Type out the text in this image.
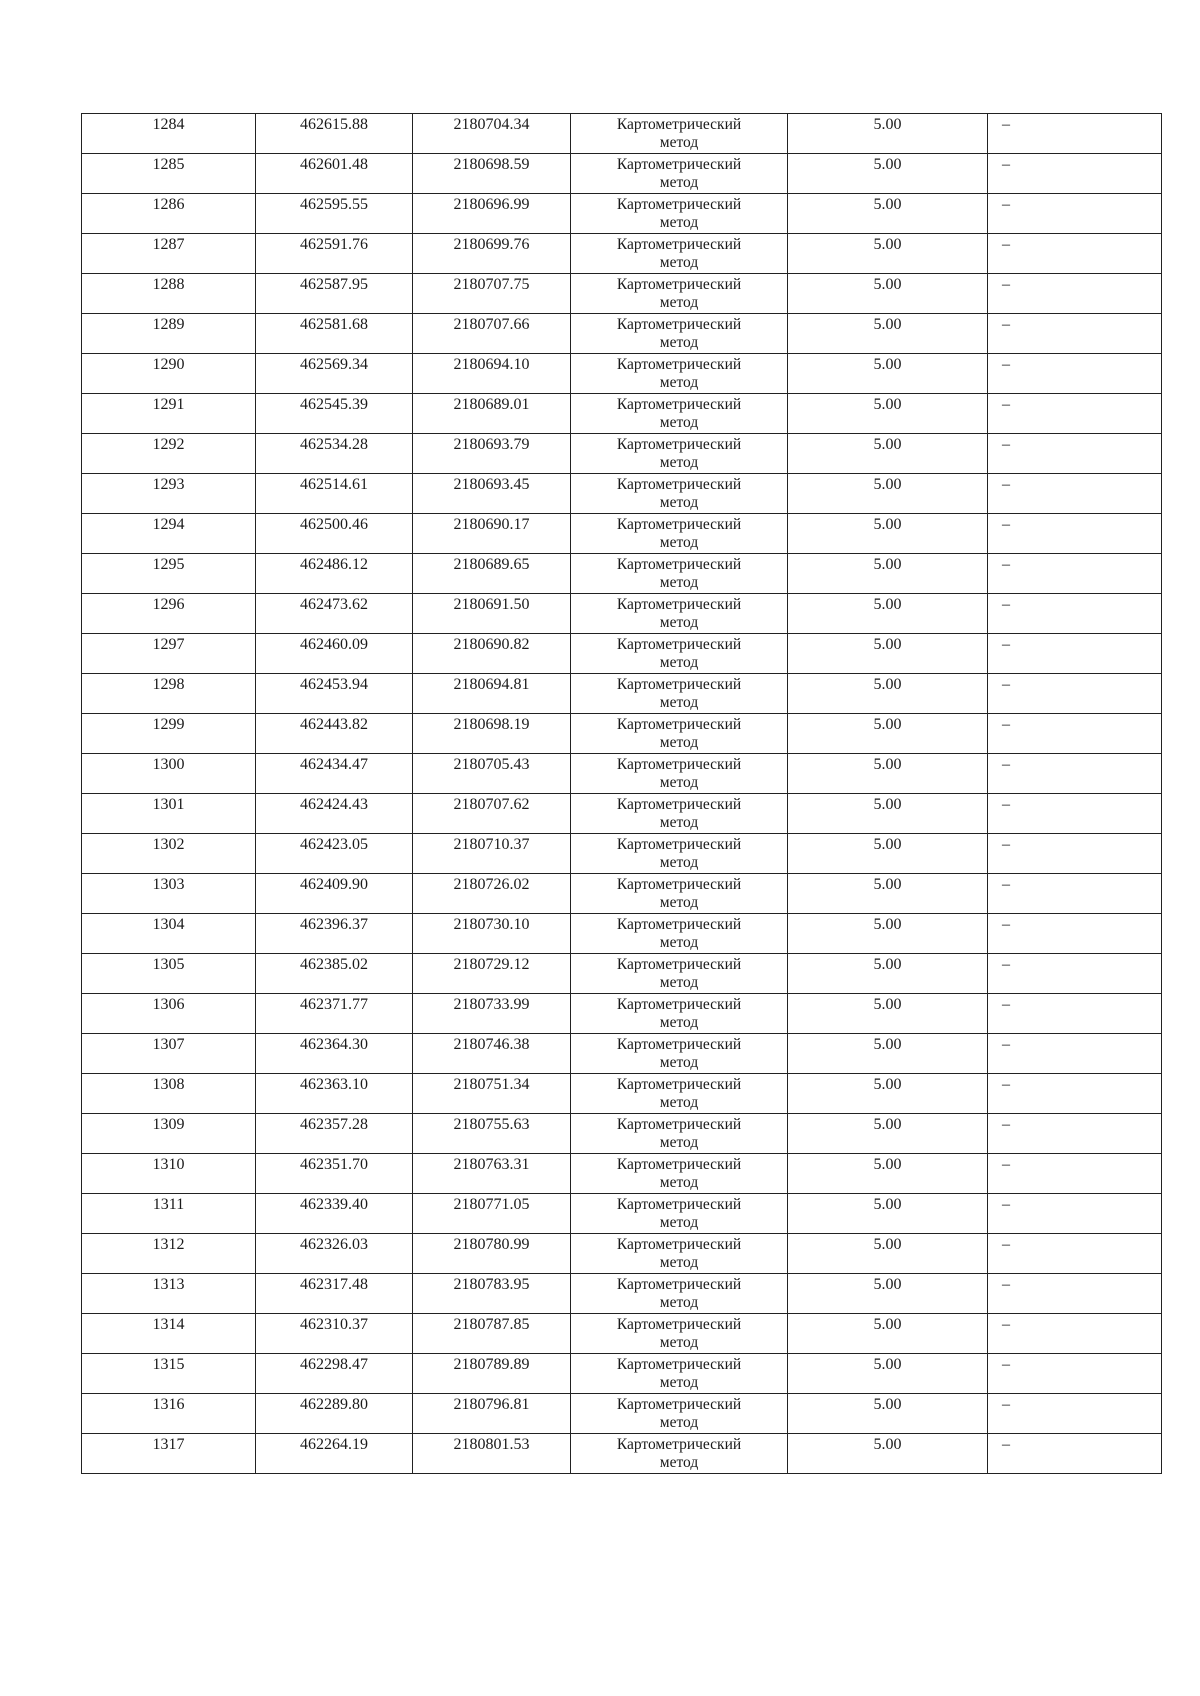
1284	462615.88	2180704.34	Картометрический метод	5.00	–
1285	462601.48	2180698.59	Картометрический метод	5.00	–
1286	462595.55	2180696.99	Картометрический метод	5.00	–
1287	462591.76	2180699.76	Картометрический метод	5.00	–
1288	462587.95	2180707.75	Картометрический метод	5.00	–
1289	462581.68	2180707.66	Картометрический метод	5.00	–
1290	462569.34	2180694.10	Картометрический метод	5.00	–
1291	462545.39	2180689.01	Картометрический метод	5.00	–
1292	462534.28	2180693.79	Картометрический метод	5.00	–
1293	462514.61	2180693.45	Картометрический метод	5.00	–
1294	462500.46	2180690.17	Картометрический метод	5.00	–
1295	462486.12	2180689.65	Картометрический метод	5.00	–
1296	462473.62	2180691.50	Картометрический метод	5.00	–
1297	462460.09	2180690.82	Картометрический метод	5.00	–
1298	462453.94	2180694.81	Картометрический метод	5.00	–
1299	462443.82	2180698.19	Картометрический метод	5.00	–
1300	462434.47	2180705.43	Картометрический метод	5.00	–
1301	462424.43	2180707.62	Картометрический метод	5.00	–
1302	462423.05	2180710.37	Картометрический метод	5.00	–
1303	462409.90	2180726.02	Картометрический метод	5.00	–
1304	462396.37	2180730.10	Картометрический метод	5.00	–
1305	462385.02	2180729.12	Картометрический метод	5.00	–
1306	462371.77	2180733.99	Картометрический метод	5.00	–
1307	462364.30	2180746.38	Картометрический метод	5.00	–
1308	462363.10	2180751.34	Картометрический метод	5.00	–
1309	462357.28	2180755.63	Картометрический метод	5.00	–
1310	462351.70	2180763.31	Картометрический метод	5.00	–
1311	462339.40	2180771.05	Картометрический метод	5.00	–
1312	462326.03	2180780.99	Картометрический метод	5.00	–
1313	462317.48	2180783.95	Картометрический метод	5.00	–
1314	462310.37	2180787.85	Картометрический метод	5.00	–
1315	462298.47	2180789.89	Картометрический метод	5.00	–
1316	462289.80	2180796.81	Картометрический метод	5.00	–
1317	462264.19	2180801.53	Картометрический метод	5.00	–
